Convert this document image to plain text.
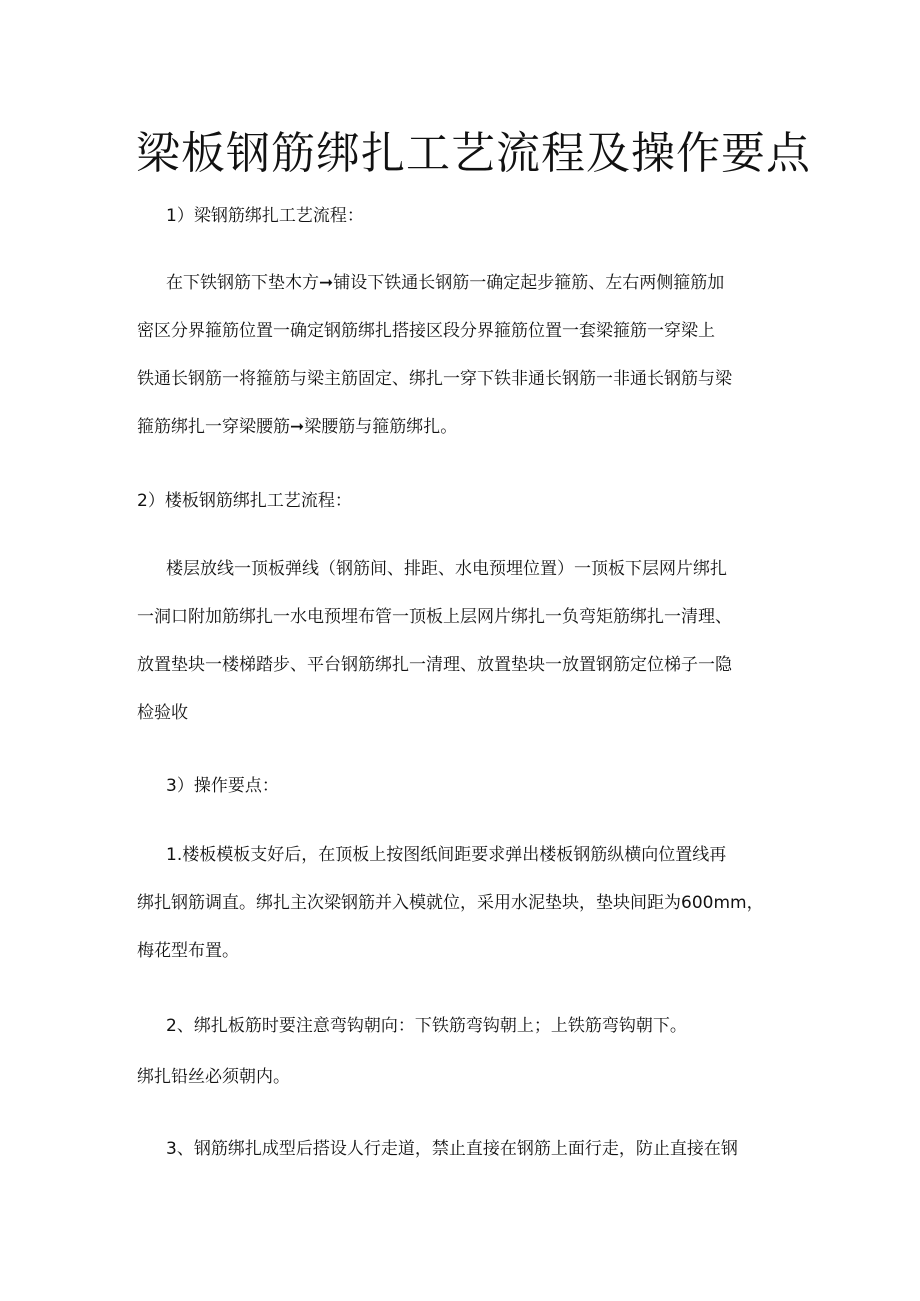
梁板钢筋绑扎工艺流程及操作要点
1）梁钢筋绑扎工艺流程：
在下铁钢筋下垫木方➞铺设下铁通长钢筋一确定起步箍筋、左右两侧箍筋加
密区分界箍筋位置一确定钢筋绑扎搭接区段分界箍筋位置一套梁箍筋一穿梁上
铁通长钢筋一将箍筋与梁主筋固定、绑扎一穿下铁非通长钢筋一非通长钢筋与梁
箍筋绑扎一穿梁腰筋➞梁腰筋与箍筋绑扎。
2）楼板钢筋绑扎工艺流程：
楼层放线一顶板弹线（钢筋间、排距、水电预埋位置）一顶板下层网片绑扎
一洞口附加筋绑扎一水电预埋布管一顶板上层网片绑扎一负弯矩筋绑扎一清理、
放置垫块一楼梯踏步、平台钢筋绑扎一清理、放置垫块一放置钢筋定位梯子一隐
检验收
3）操作要点：
1.楼板模板支好后，在顶板上按图纸间距要求弹出楼板钢筋纵横向位置线再
绑扎钢筋调直。绑扎主次梁钢筋并入模就位，采用水泥垫块，垫块间距为600mm，
梅花型布置。
2、绑扎板筋时要注意弯钩朝向：下铁筋弯钩朝上；上铁筋弯钩朝下。
绑扎铅丝必须朝内。
3、钢筋绑扎成型后搭设人行走道，禁止直接在钢筋上面行走，防止直接在钢
